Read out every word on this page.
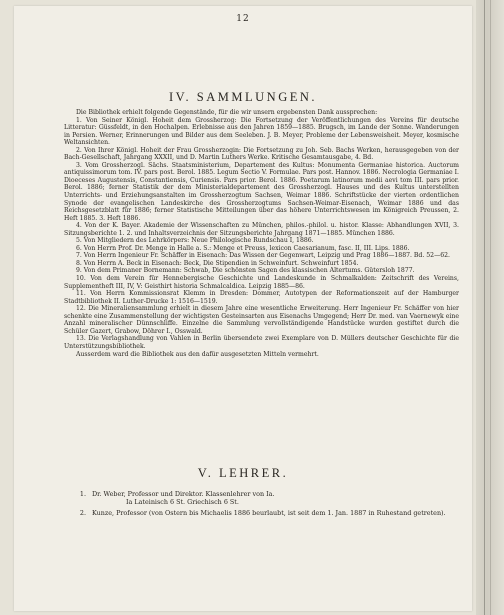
12
IV. SAMMLUNGEN.

Die Bibliothek erhielt folgende Gegenstände, für die wir unsern ergebensten Dank aussprechen:

1. Von Seiner Königl. Hoheit dem Grossherzog: Die Fortsetzung der Veröffentlichungen des Vereins für deutsche Litteratur: Güssfeldt, in den Hochalpen. Erlebnisse aus den Jahren 1859—1885. Brugsch, im Lande der Sonne. Wanderungen in Persien. Werner, Erinnerungen und Bilder aus dem Seeleben. J. B. Meyer, Probleme der Lebensweisheit. Meyer, kosmische Weltansichten.

2. Von Ihrer Königl. Hoheit der Frau Grossherzogin: Die Fortsetzung zu Joh. Seb. Bachs Werken, herausgegeben von der Bach-Gesellschaft, Jahrgang XXXII, und D. Martin Luthers Werke. Kritische Gesamtausgabe, 4. Bd.

3. Vom Grossherzogl. Sächs. Staatsministerium, Departement des Kultus: Monumenta Germaniae historica. Auctorum antiquissimorum tom. IV. pars post. Berol. 1885. Legum Sectio V. Formulae. Pars post. Hannov. 1886. Necrologia Germaniae I. Dioeceses Augustensis, Constantiensis, Curiensis. Pars prior. Berol. 1886. Poetarum latinorum medii aevi tom III. pars prior. Berol. 1886; ferner Statistik der dem Ministerialdepartement des Grossherzogl. Hauses und des Kultus unterstellten Unterrichts- und Erziehungsanstalten im Grossherzogtum Sachsen, Weimar 1886. Schriftstücke der vierten ordentlichen Synode der evangelischen Landeskirche des Grossherzogtums Sachsen-Weimar-Eisenach, Weimar 1886 und das Reichsgesetzblatt für 1886; ferner Statistische Mitteilungen über das höhere Unterrichtswesen im Königreich Preussen, 2. Heft 1885. 3. Heft 1886.

4. Von der K. Bayer. Akademie der Wissenschaften zu München, philos.-philol. u. histor. Klasse: Abhandlungen XVII, 3. Sitzungsberichte 1. 2. und Inhaltsverzeichnis der Sitzungsberichte Jahrgang 1871—1885. München 1886.

5. Von Mitgliedern des Lehrkörpers: Neue Philologische Rundschau I, 1886.

6. Von Herrn Prof. Dr. Menge in Halle a. S.: Menge et Preuss, lexicon Caesarianum, fasc. II, III. Lips. 1886.

7. Von Herrn Ingenieur Fr. Schäffer in Eisenach: Das Wissen der Gegenwart, Leipzig und Prag 1886—1887. Bd. 52—62.

8. Von Herrn A. Beck in Eisenach: Beck, Die Stipendien in Schweinfurt. Schweinfurt 1854.

9. Von dem Primaner Bornemann: Schwab, Die schönsten Sagen des klassischen Altertums. Gütersloh 1877.

10. Von dem Verein für Hennebergische Geschichte und Landeskunde in Schmalkalden: Zeitschrift des Vereins, Supplementheft III, IV, V: Geisthirt historia Schmalcaldica. Leipzig 1885—86.

11. Von Herrn Kommissionsrat Klemm in Dresden: Dommer, Autotypen der Reformationszeit auf der Hamburger Stadtbibliothek II. Luther-Drucke 1: 1516—1519.

12. Die Mineraliensammlung erhielt in diesem Jahre eine wesentliche Erweiterung. Herr Ingenieur Fr. Schäffer von hier schenkte eine Zusammenstellung der wichtigsten Gesteinsarten aus Eisenachs Umgegend; Herr Dr. med. van Vaernewyk eine Anzahl mineralischer Dünnschliffe. Einzelne die Sammlung vervollständigende Handstücke wurden gestiftet durch die Schüler Gazert, Grabow, Döhrer I., Osswald.

13. Die Verlagshandlung von Vahlen in Berlin übersendete zwei Exemplare von D. Müllers deutscher Geschichte für die Unterstützungsbibliothek.

Ausserdem ward die Bibliothek aus den dafür ausgesetzten Mitteln vermehrt.

V. LEHRER.
1. Dr. Weber, Professor und Direktor. Klassenlehrer von Ia.
Ia Lateinisch 6 St. Griechisch 6 St.
2. Kunze, Professor (von Ostern bis Michaelis 1886 beurlaubt, ist seit dem 1. Jan. 1887 in Ruhestand getreten).
